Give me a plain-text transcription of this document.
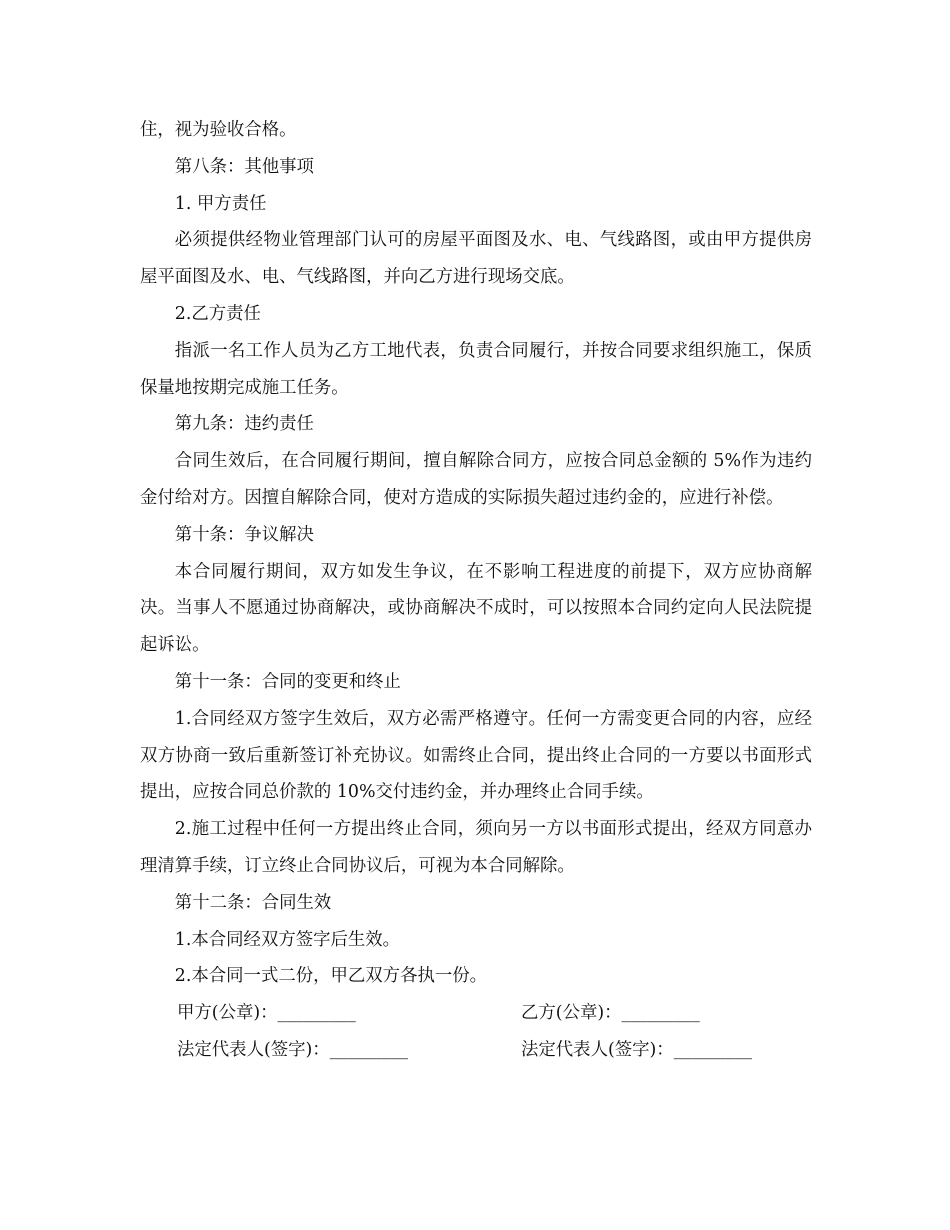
住，视为验收合格。

第八条：其他事项

1. 甲方责任

必须提供经物业管理部门认可的房屋平面图及水、电、气线路图，或由甲方提供房屋平面图及水、电、气线路图，并向乙方进行现场交底。

2.乙方责任

指派一名工作人员为乙方工地代表，负责合同履行，并按合同要求组织施工，保质保量地按期完成施工任务。

第九条：违约责任

合同生效后，在合同履行期间，擅自解除合同方，应按合同总金额的 5%作为违约金付给对方。因擅自解除合同，使对方造成的实际损失超过违约金的，应进行补偿。

第十条：争议解决

本合同履行期间，双方如发生争议，在不影响工程进度的前提下，双方应协商解决。当事人不愿通过协商解决，或协商解决不成时，可以按照本合同约定向人民法院提起诉讼。

第十一条：合同的变更和终止

1.合同经双方签字生效后，双方必需严格遵守。任何一方需变更合同的内容，应经双方协商一致后重新签订补充协议。如需终止合同，提出终止合同的一方要以书面形式提出，应按合同总价款的 10%交付违约金，并办理终止合同手续。

2.施工过程中任何一方提出终止合同，须向另一方以书面形式提出，经双方同意办理清算手续，订立终止合同协议后，可视为本合同解除。

第十二条：合同生效

1.本合同经双方签字后生效。

2.本合同一式二份，甲乙双方各执一份。

甲方(公章)：_________	乙方(公章)：_________
法定代表人(签字)：_________	法定代表人(签字)：_________
